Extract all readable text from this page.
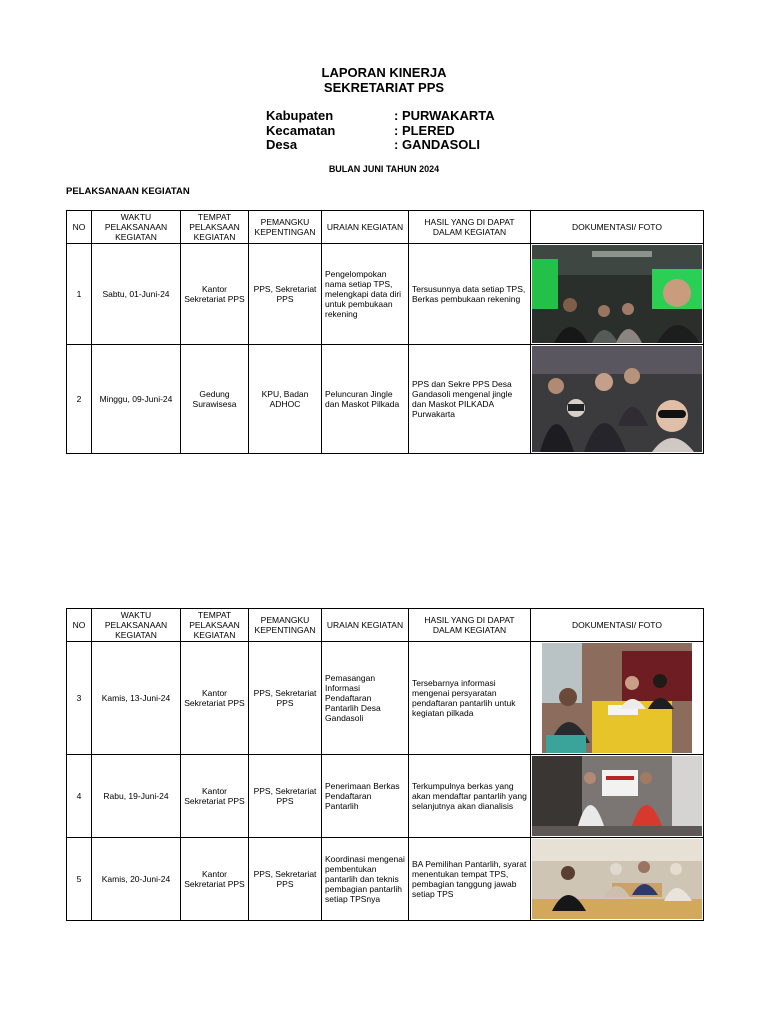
LAPORAN KINERJA
SEKRETARIAT PPS
Kabupaten	: PURWAKARTA
Kecamatan	: PLERED
Desa	: GANDASOLI
BULAN JUNI TAHUN 2024
PELAKSANAAN KEGIATAN
NO	WAKTU PELAKSANAAN KEGIATAN	TEMPAT PELAKSAAN KEGIATAN	PEMANGKU KEPENTINGAN	URAIAN KEGIATAN	HASIL YANG DI DAPAT DALAM KEGIATAN	DOKUMENTASI/ FOTO
1	Sabtu, 01-Juni-24	Kantor Sekretariat PPS	PPS, Sekretariat PPS	Pengelompokan nama setiap TPS, melengkapi data diri untuk pembukaan rekening	Tersusunnya data setiap TPS, Berkas pembukaan rekening	

2	Minggu, 09-Juni-24	Gedung Surawisesa	KPU, Badan ADHOC	Peluncuran Jingle dan Maskot Pilkada	PPS dan Sekre PPS Desa Gandasoli mengenal jingle dan Maskot PILKADA Purwakarta	
NO	WAKTU PELAKSANAAN KEGIATAN	TEMPAT PELAKSAAN KEGIATAN	PEMANGKU KEPENTINGAN	URAIAN KEGIATAN	HASIL YANG DI DAPAT DALAM KEGIATAN	DOKUMENTASI/ FOTO
3	Kamis, 13-Juni-24	Kantor Sekretariat PPS	PPS, Sekretariat PPS	Pemasangan Informasi Pendaftaran Pantarlih Desa Gandasoli	Tersebarnya informasi mengenai persyaratan pendaftaran pantarlih untuk kegiatan pilkada	

4	Rabu, 19-Juni-24	Kantor Sekretariat PPS	PPS, Sekretariat PPS	Penerimaan Berkas Pendaftaran Pantarlih	Terkumpulnya berkas yang akan mendaftar pantarlih yang selanjutnya akan dianalisis	

5	Kamis, 20-Juni-24	Kantor Sekretariat PPS	PPS, Sekretariat PPS	Koordinasi mengenai pembentukan pantarlih dan teknis pembagian pantarlih setiap TPSnya	BA Pemilihan Pantarlih, syarat menentukan tempat TPS, pembagian tanggung jawab setiap TPS	
